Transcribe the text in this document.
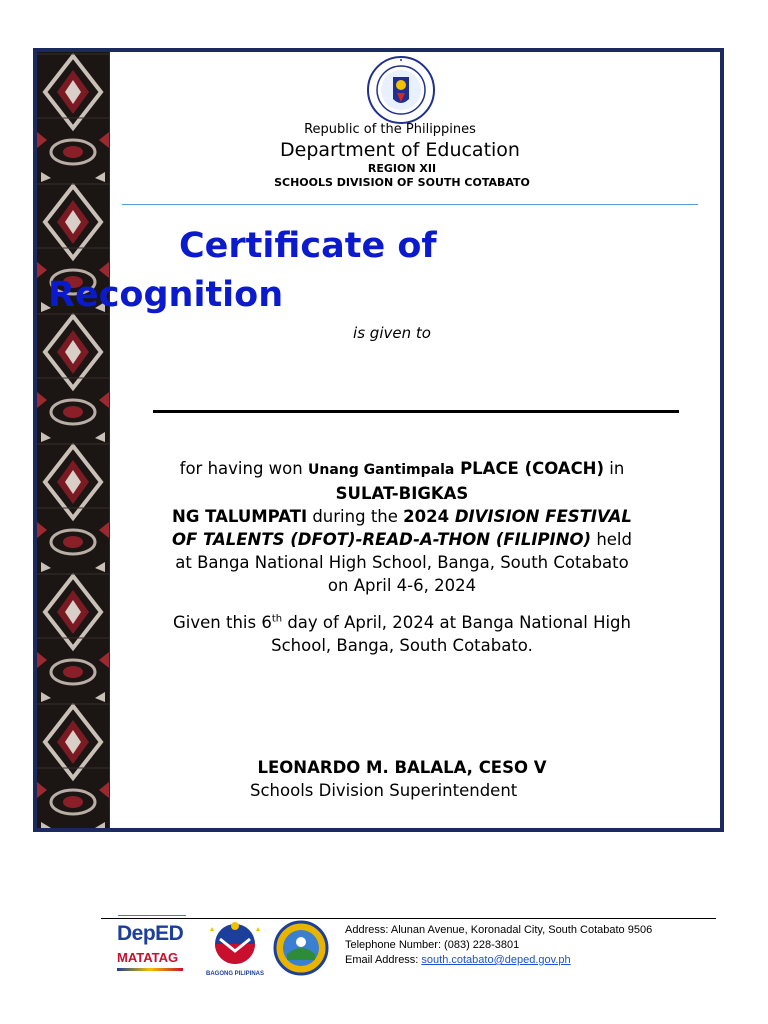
Republic of the Philippines
Department of Education
REGION XII
SCHOOLS DIVISION OF SOUTH COTABATO
Certificate of
Recognition
is given to
for having won Unang Gantimpala PLACE (COACH) in
SULAT-BIGKAS
NG TALUMPATI during the 2024 DIVISION FESTIVAL
OF TALENTS (DFOT)-READ-A-THON (FILIPINO) held
at Banga National High School, Banga, South Cotabato
on April 4-6, 2024
Given this 6th day of April, 2024 at Banga National High
School, Banga, South Cotabato.
LEONARDO M. BALALA, CESO V
Schools Division Superintendent
DepED
MATATAG
BAGONG PILIPINAS
Address: Alunan Avenue, Koronadal City, South Cotabato 9506
Telephone Number: (083) 228-3801
Email Address: south.cotabato@deped.gov.ph
